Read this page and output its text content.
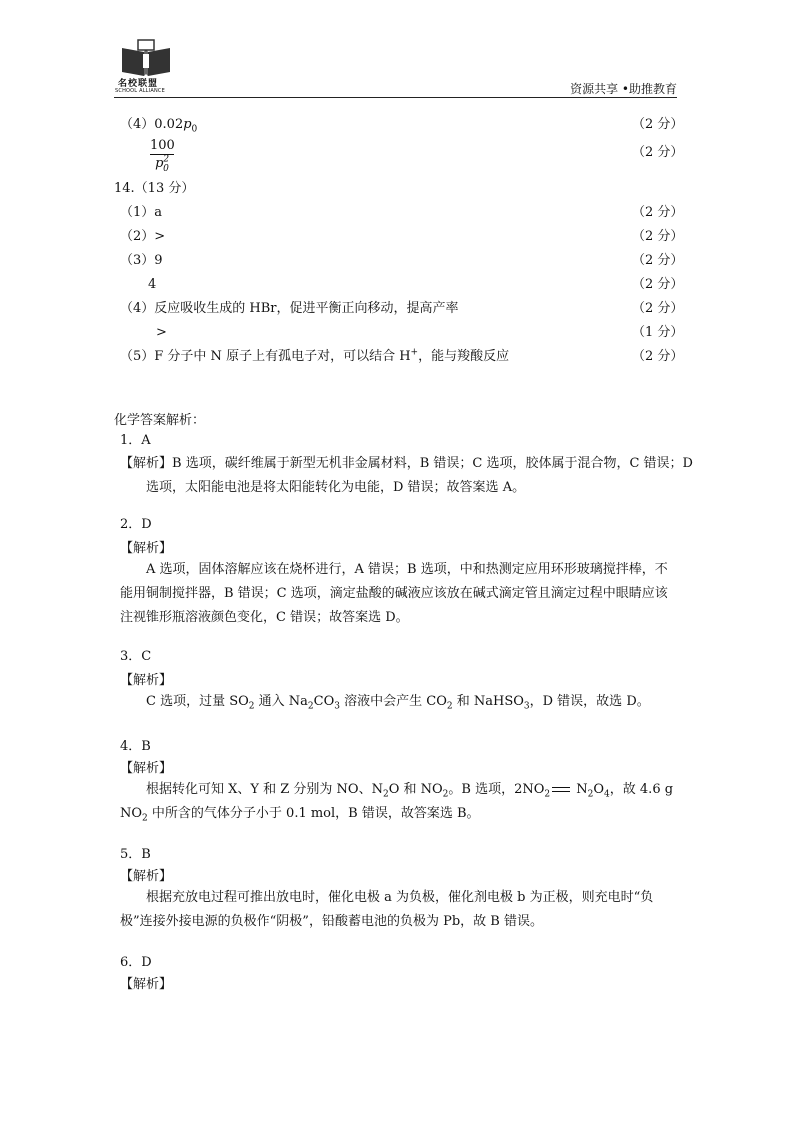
名校联盟
SCHOOL ALLIANCE	资源共享 •助推教育
$(4)0.02p_0$	（2 分）
$\frac{100}{p^2_0}$	（2 分）
14.（13 分）
（1）a	（2 分）
（2）>	（2 分）
（3）9	（2 分）
4	（2 分）
（4）反应吸收生成的 HBr，促进平衡正向移动，提高产率	（2 分）
>	（1 分）
（5）F 分子中 N 原子上有孤电子对，可以结合 H+，能与羧酸反应	（2 分）
化学答案解析：
1．A
【解析】B 选项，碳纤维属于新型无机非金属材料，B 错误；C 选项，胶体属于混合物，C 错误；D 选项，太阳能电池是将太阳能转化为电能，D 错误；故答案选 A。
2．D
【解析】
A 选项，固体溶解应该在烧杯进行，A 错误；B 选项，中和热测定应用环形玻璃搅拌棒，不能用铜制搅拌器，B 错误；C 选项，滴定盐酸的碱液应该放在碱式滴定管且滴定过程中眼睛应该注视锥形瓶溶液颜色变化，C 错误；故答案选 D。
3．C
【解析】
C 选项，过量 $SO_2$ 通入 $Na_2CO_3$ 溶液中会产生 $CO_2$ 和 NaHSO$_3$，D 错误，故选 D。
4．B
【解析】
根据转化可知 X、Y 和 Z 分别为 NO、$N_2O$ 和 $NO_2$。B 选项，$2NO_2$ $N_2O_4$，故 4.6 g $NO_2$ 中所含的气体分子小于 0.1 mol，B 错误，故答案选 B。
5．B
【解析】
根据充放电过程可推出放电时，催化电极 a 为负极，催化剂电极 b 为正极，则充电时“负极”连接外接电源的负极作“阴极”，铅酸蓄电池的负极为 Pb，故 B 错误。
6．D
【解析】
